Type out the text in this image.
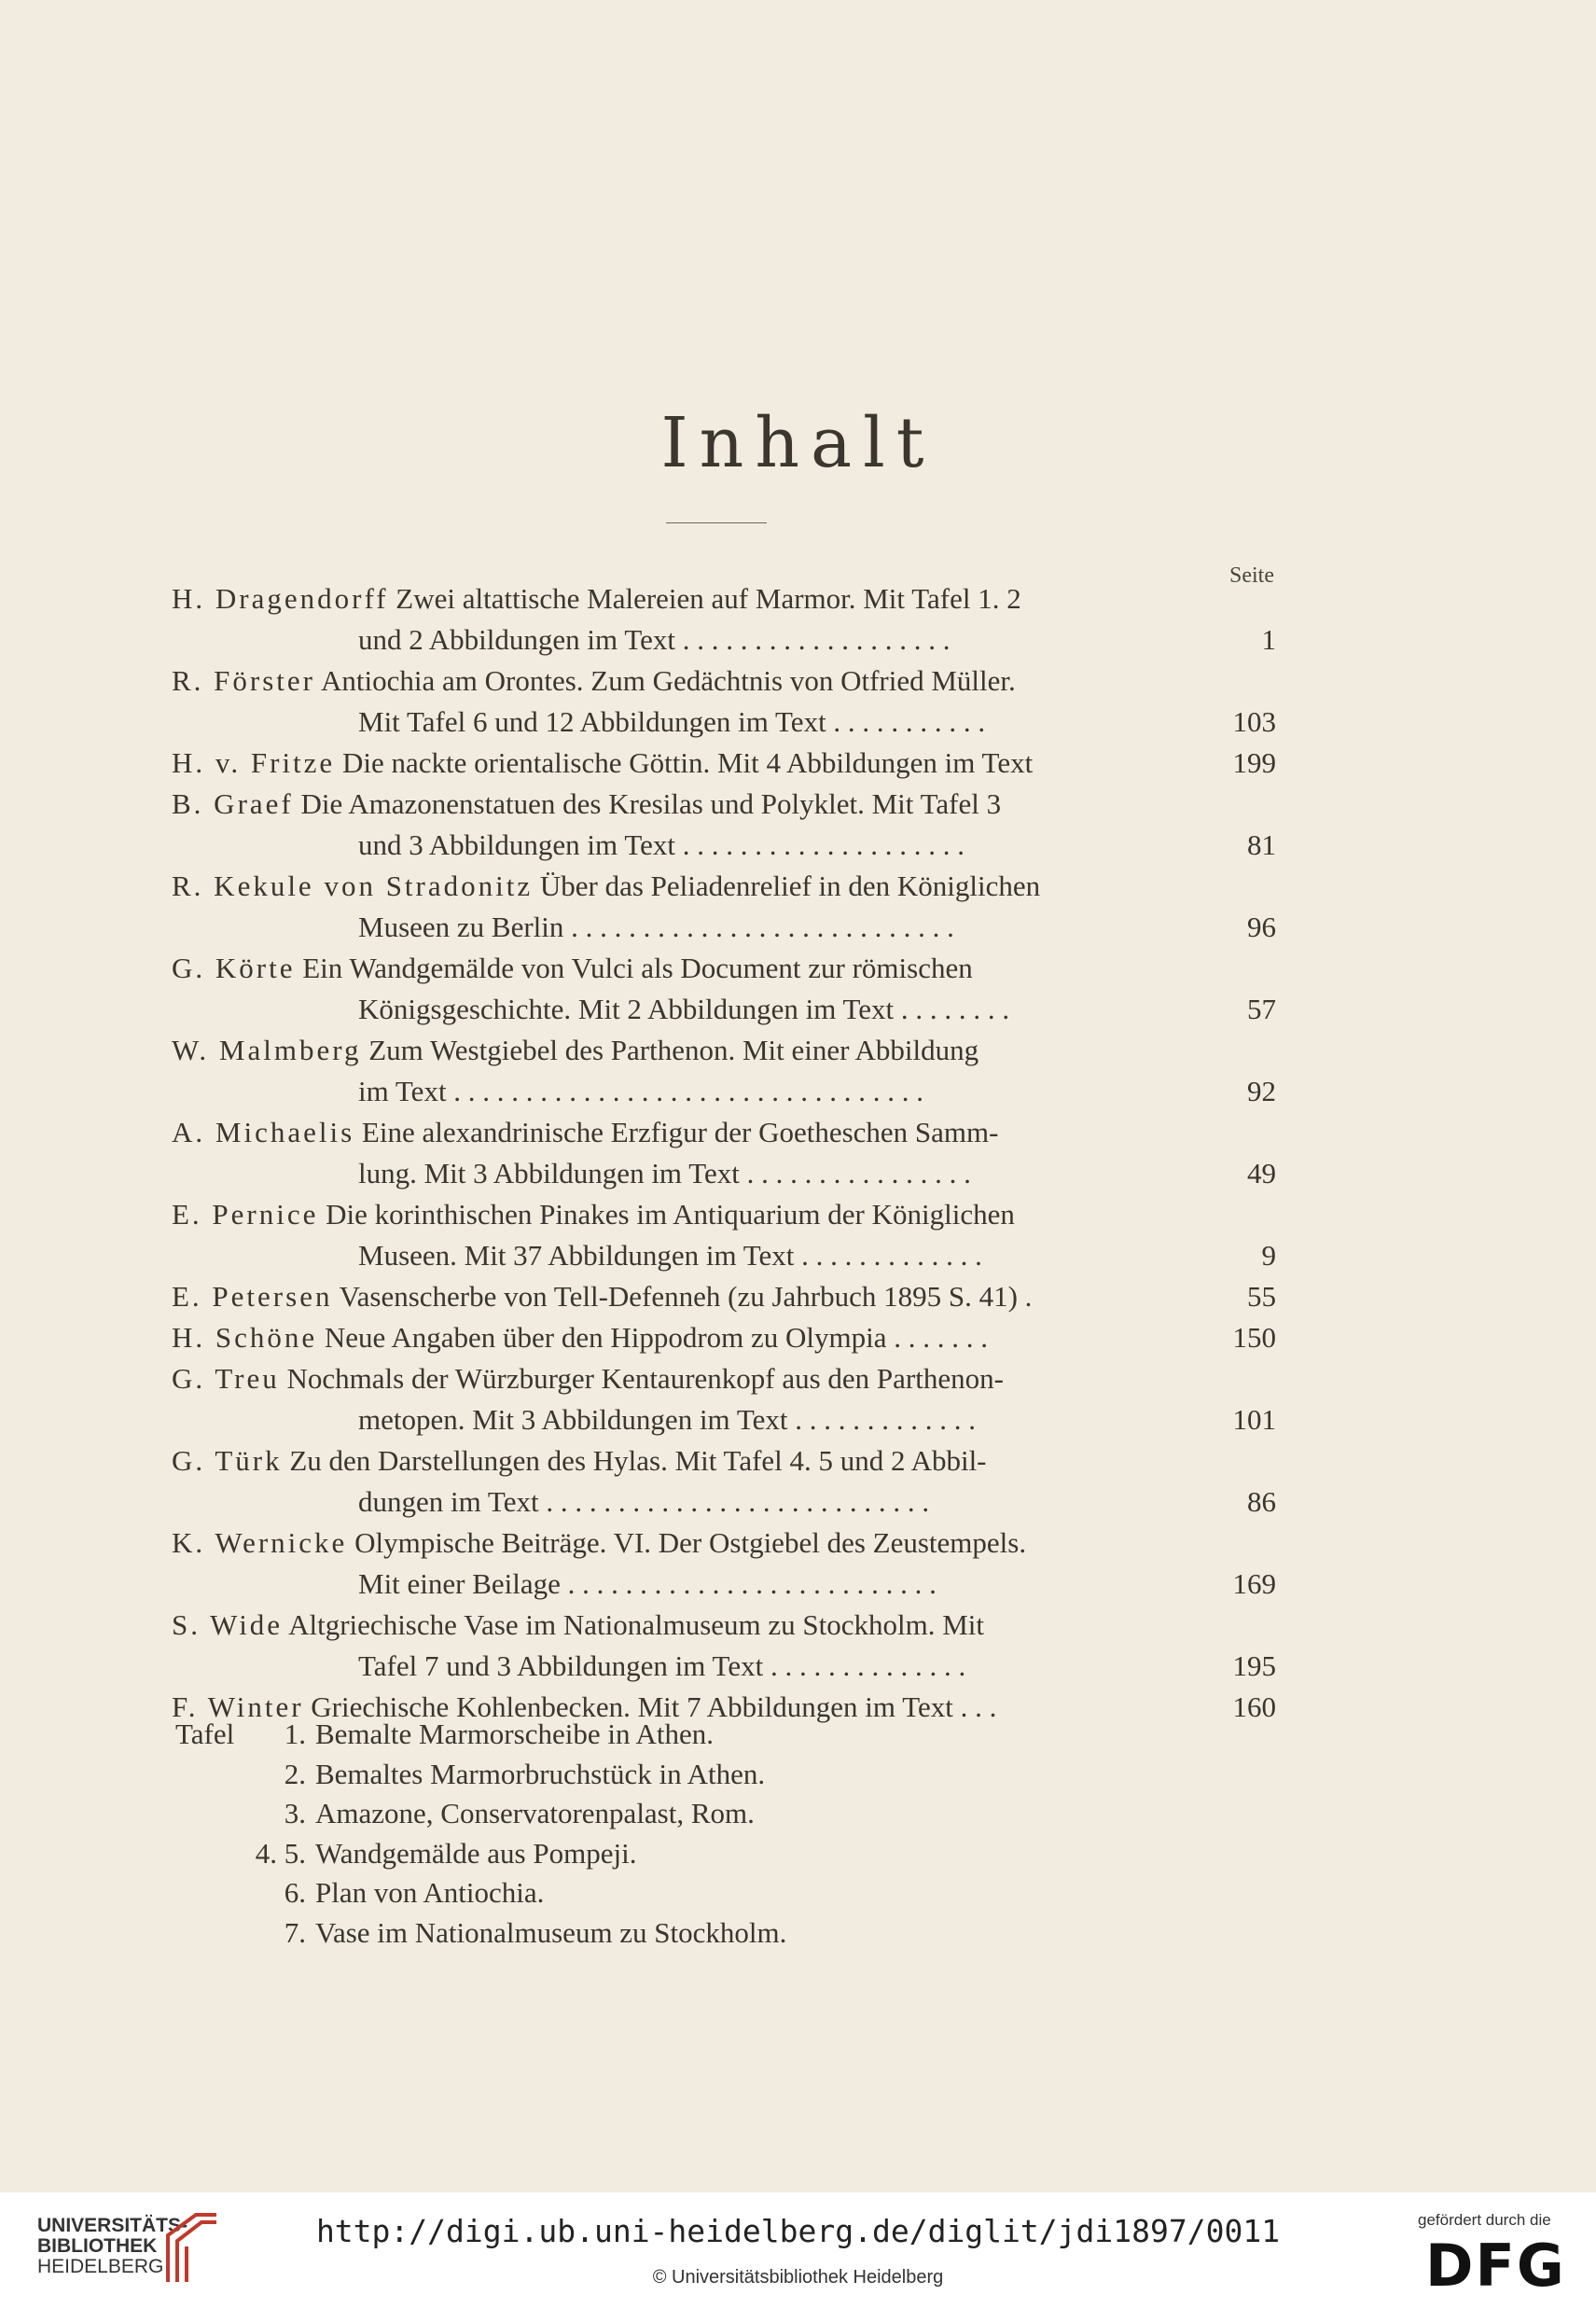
Inhalt
Seite
H. Dragendorff Zwei altattische Malereien auf Marmor. Mit Tafel 1. 2
und 2 Abbildungen im Text . . . . . . . . . . . . . . . . . . .	1
R. Förster Antiochia am Orontes. Zum Gedächtnis von Otfried Müller.
Mit Tafel 6 und 12 Abbildungen im Text . . . . . . . . . . .	103
H. v. Fritze Die nackte orientalische Göttin. Mit 4 Abbildungen im Text	199
B. Graef Die Amazonenstatuen des Kresilas und Polyklet. Mit Tafel 3
und 3 Abbildungen im Text . . . . . . . . . . . . . . . . . . . .	81
R. Kekule von Stradonitz Über das Peliadenrelief in den Königlichen
Museen zu Berlin . . . . . . . . . . . . . . . . . . . . . . . . . . .	96
G. Körte Ein Wandgemälde von Vulci als Document zur römischen
Königsgeschichte. Mit 2 Abbildungen im Text . . . . . . . .	57
W. Malmberg Zum Westgiebel des Parthenon. Mit einer Abbildung
im Text . . . . . . . . . . . . . . . . . . . . . . . . . . . . . . . . .	92
A. Michaelis Eine alexandrinische Erzfigur der Goetheschen Samm-
lung. Mit 3 Abbildungen im Text . . . . . . . . . . . . . . . .	49
E. Pernice Die korinthischen Pinakes im Antiquarium der Königlichen
Museen. Mit 37 Abbildungen im Text . . . . . . . . . . . . .	9
E. Petersen Vasenscherbe von Tell-Defenneh (zu Jahrbuch 1895 S. 41) .	55
H. Schöne Neue Angaben über den Hippodrom zu Olympia . . . . . . .	150
G. Treu Nochmals der Würzburger Kentaurenkopf aus den Parthenon-
metopen. Mit 3 Abbildungen im Text . . . . . . . . . . . . .	101
G. Türk Zu den Darstellungen des Hylas. Mit Tafel 4. 5 und 2 Abbil-
dungen im Text . . . . . . . . . . . . . . . . . . . . . . . . . . .	86
K. Wernicke Olympische Beiträge. VI. Der Ostgiebel des Zeustempels.
Mit einer Beilage . . . . . . . . . . . . . . . . . . . . . . . . . .	169
S. Wide Altgriechische Vase im Nationalmuseum zu Stockholm. Mit
Tafel 7 und 3 Abbildungen im Text . . . . . . . . . . . . . .	195
F. Winter Griechische Kohlenbecken. Mit 7 Abbildungen im Text . . .	160
Tafel	1. Bemalte Marmorscheibe in Athen.
2. Bemaltes Marmorbruchstück in Athen.
3. Amazone, Conservatorenpalast, Rom.
4. 5. Wandgemälde aus Pompeji.
6. Plan von Antiochia.
7. Vase im Nationalmuseum zu Stockholm.
UNIVERSITÄTS-
BIBLIOTHEK
HEIDELBERG
http://digi.ub.uni-heidelberg.de/diglit/jdi1897/0011
© Universitätsbibliothek Heidelberg
gefördert durch die
DFG
